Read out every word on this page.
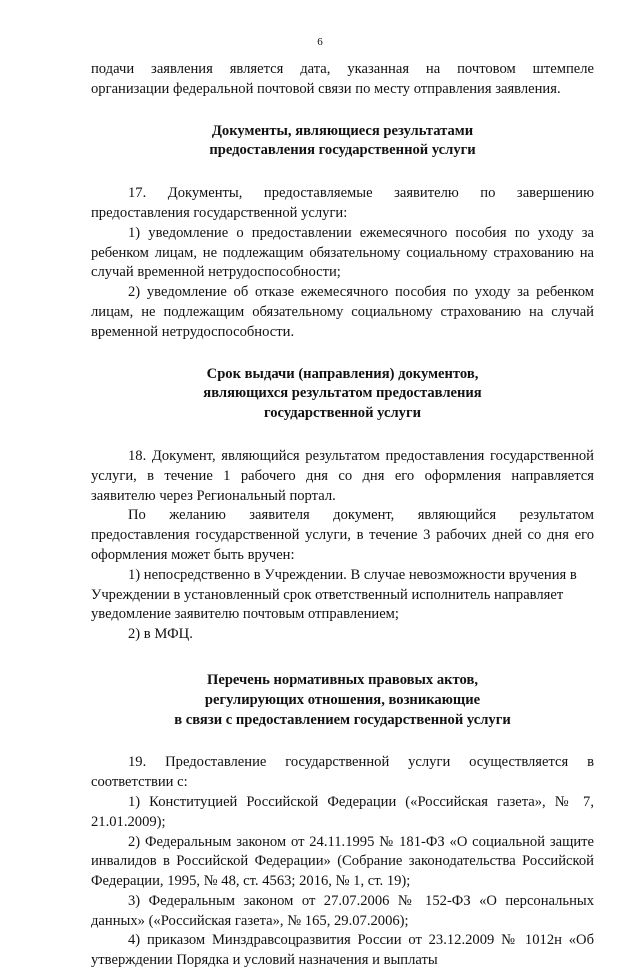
6

подачи заявления является дата, указанная на почтовом штемпеле
организации федеральной почтовой связи по месту отправления заявления.

Документы, являющиеся результатами
предоставления государственной услуги

17. Документы, предоставляемые заявителю по завершению предоставления государственной услуги:

1) уведомление о предоставлении ежемесячного пособия по уходу за ребенком лицам, не подлежащим обязательному социальному страхованию на случай временной нетрудоспособности;

2) уведомление об отказе ежемесячного пособия по уходу за ребенком лицам, не подлежащим обязательному социальному страхованию на случай временной нетрудоспособности.

Срок выдачи (направления) документов,
являющихся результатом предоставления
государственной услуги

18. Документ, являющийся результатом предоставления государственной услуги, в течение 1 рабочего дня со дня его оформления направляется заявителю через Региональный портал.

По желанию заявителя документ, являющийся результатом предоставления государственной услуги, в течение 3 рабочих дней со дня его оформления может быть вручен:

1) непосредственно в Учреждении. В случае невозможности вручения в Учреждении в установленный срок ответственный исполнитель направляет уведомление заявителю почтовым отправлением;

2) в МФЦ.

Перечень нормативных правовых актов,
регулирующих отношения, возникающие
в связи с предоставлением государственной услуги

19. Предоставление государственной услуги осуществляется в соответствии с:

1) Конституцией Российской Федерации («Российская газета», № 7, 21.01.2009);

2) Федеральным законом от 24.11.1995 № 181-ФЗ «О социальной защите инвалидов в Российской Федерации» (Собрание законодательства Российской Федерации, 1995, № 48, ст. 4563; 2016, № 1, ст. 19);

3) Федеральным законом от 27.07.2006 № 152-ФЗ «О персональных данных» («Российская газета», № 165, 29.07.2006);

4) приказом Минздравсоцразвития России от 23.12.2009 № 1012н «Об утверждении Порядка и условий назначения и выплаты
